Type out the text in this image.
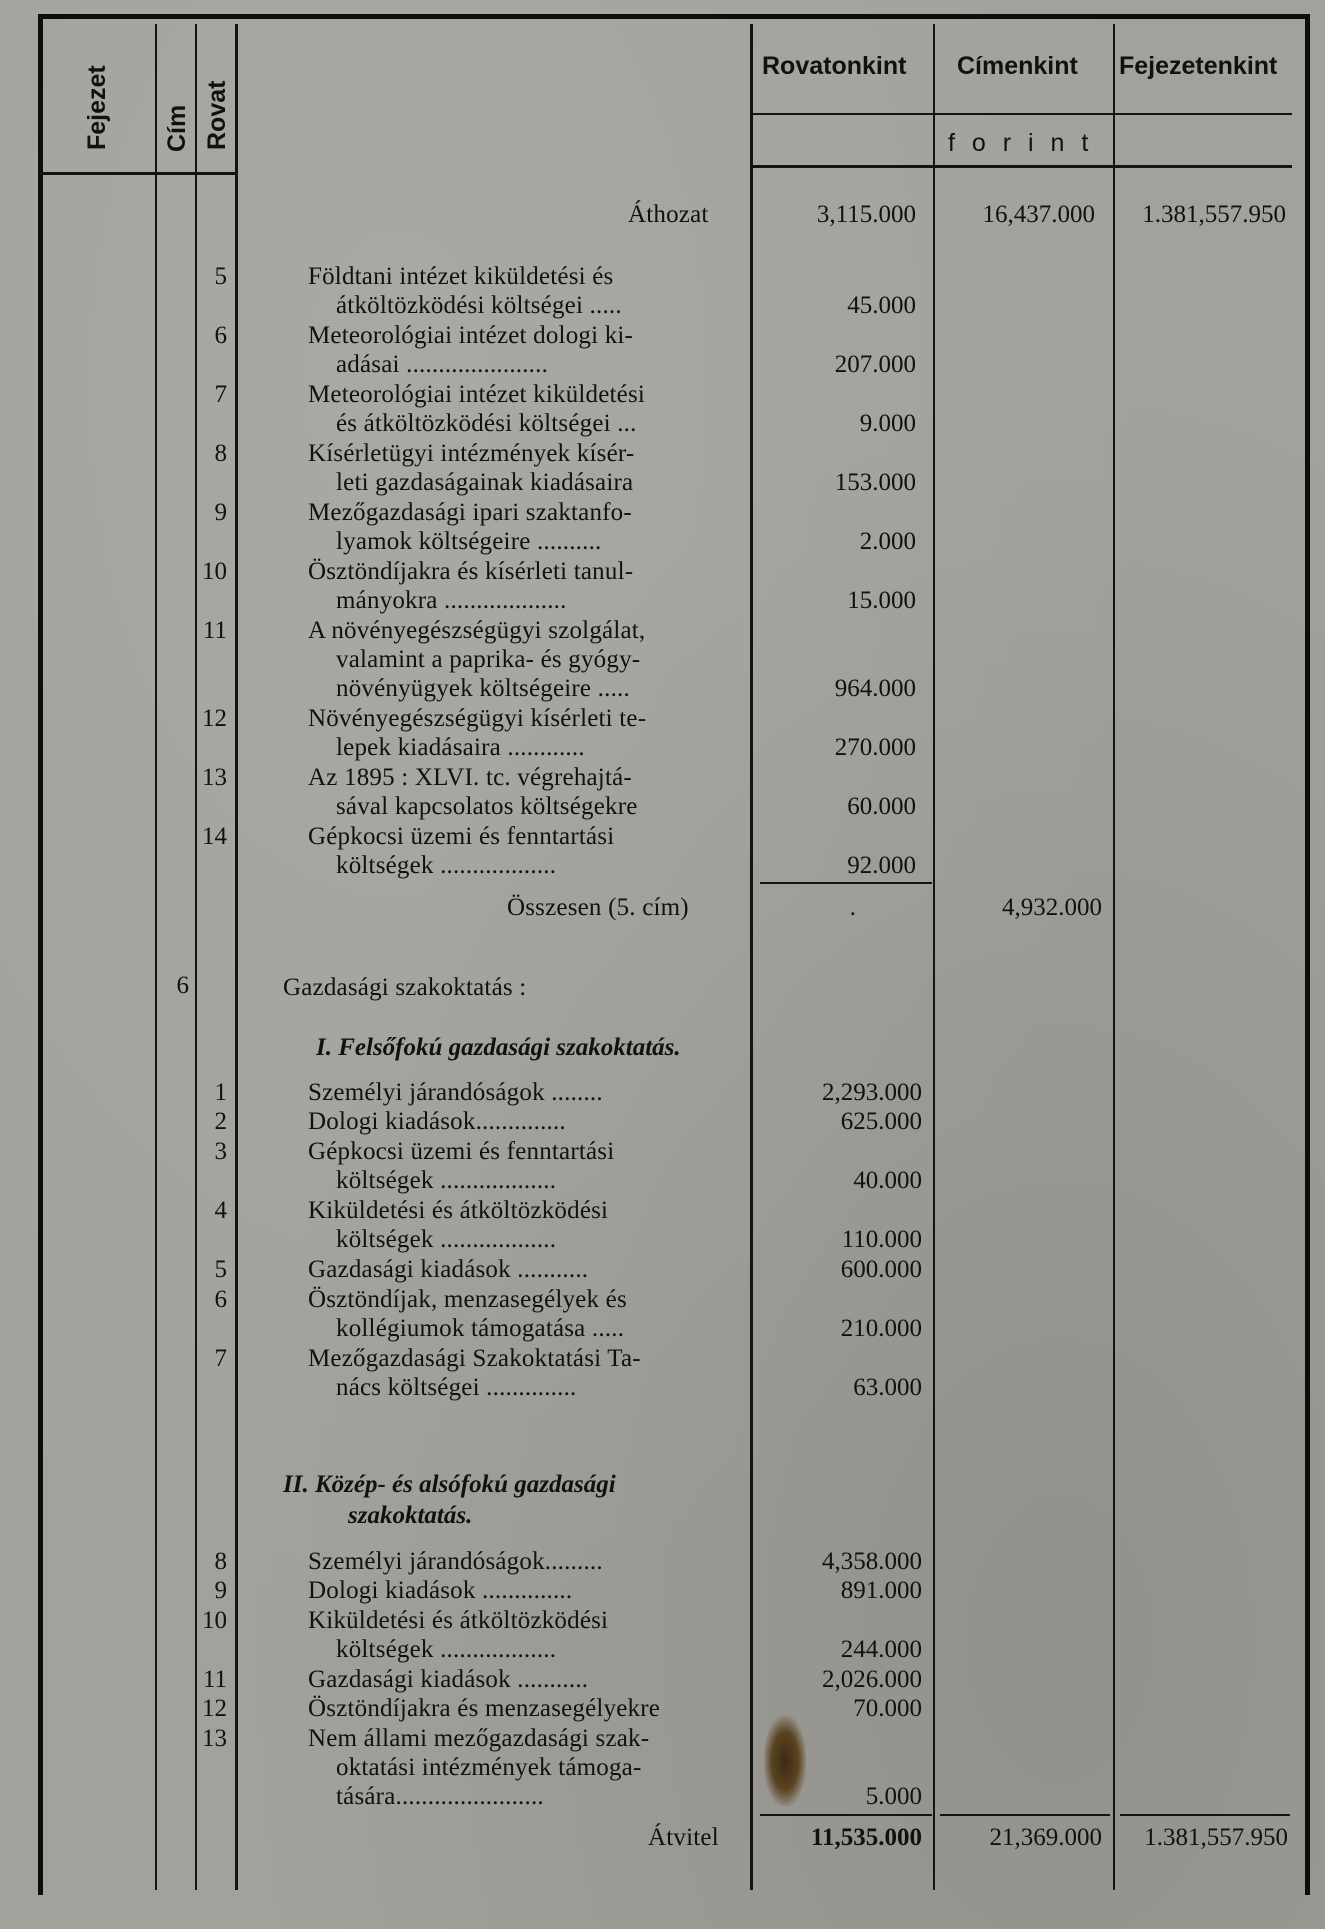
Fejezet Cím Rovat
Rovatonkint Címenkint Fejezetenkint
f o r i n t
Áthozat	3,115.000	16,437.000	1.381,557.950
5	Földtani intézet kiküldetési és
átköltözködési költségei .....	45.000
6	Meteorológiai intézet dologi ki-
adásai ......................	207.000
7	Meteorológiai intézet kiküldetési
és átköltözködési költségei ...	9.000
8	Kísérletügyi intézmények kísér-
leti gazdaságainak kiadásaira	153.000
9	Mezőgazdasági ipari szaktanfo-
lyamok költségeire ..........	2.000
10	Ösztöndíjakra és kísérleti tanul-
mányokra ...................	15.000
11	A növényegészségügyi szolgálat,
valamint a paprika- és gyógy-
növényügyek költségeire .....	964.000
12	Növényegészségügyi kísérleti te-
lepek kiadásaira ............	270.000
13	Az 1895 : XLVI. tc. végrehajtá-
sával kapcsolatos költségekre	60.000
14	Gépkocsi üzemi és fenntartási
költségek ..................	92.000
Összesen (5. cím)	.	4,932.000
6	Gazdasági szakoktatás :
I. Felsőfokú gazdasági szakoktatás.
1	Személyi járandóságok ........	2,293.000
2	Dologi kiadások..............	625.000
3	Gépkocsi üzemi és fenntartási
költségek ..................	40.000
4	Kiküldetési és átköltözködési
költségek ..................	110.000
5	Gazdasági kiadások ...........	600.000
6	Ösztöndíjak, menzasegélyek és
kollégiumok támogatása .....	210.000
7	Mezőgazdasági Szakoktatási Ta-
nács költségei ..............	63.000
II. Közép- és alsófokú gazdasági
szakoktatás.
8	Személyi járandóságok.........	4,358.000
9	Dologi kiadások ..............	891.000
10	Kiküldetési és átköltözködési
költségek ..................	244.000
11	Gazdasági kiadások ...........	2,026.000
12	Ösztöndíjakra és menzasegélyekre	70.000
13	Nem állami mezőgazdasági szak-
oktatási intézmények támoga-
tására.......................	5.000
Átvitel	11,535.000	21,369.000	1.381,557.950
